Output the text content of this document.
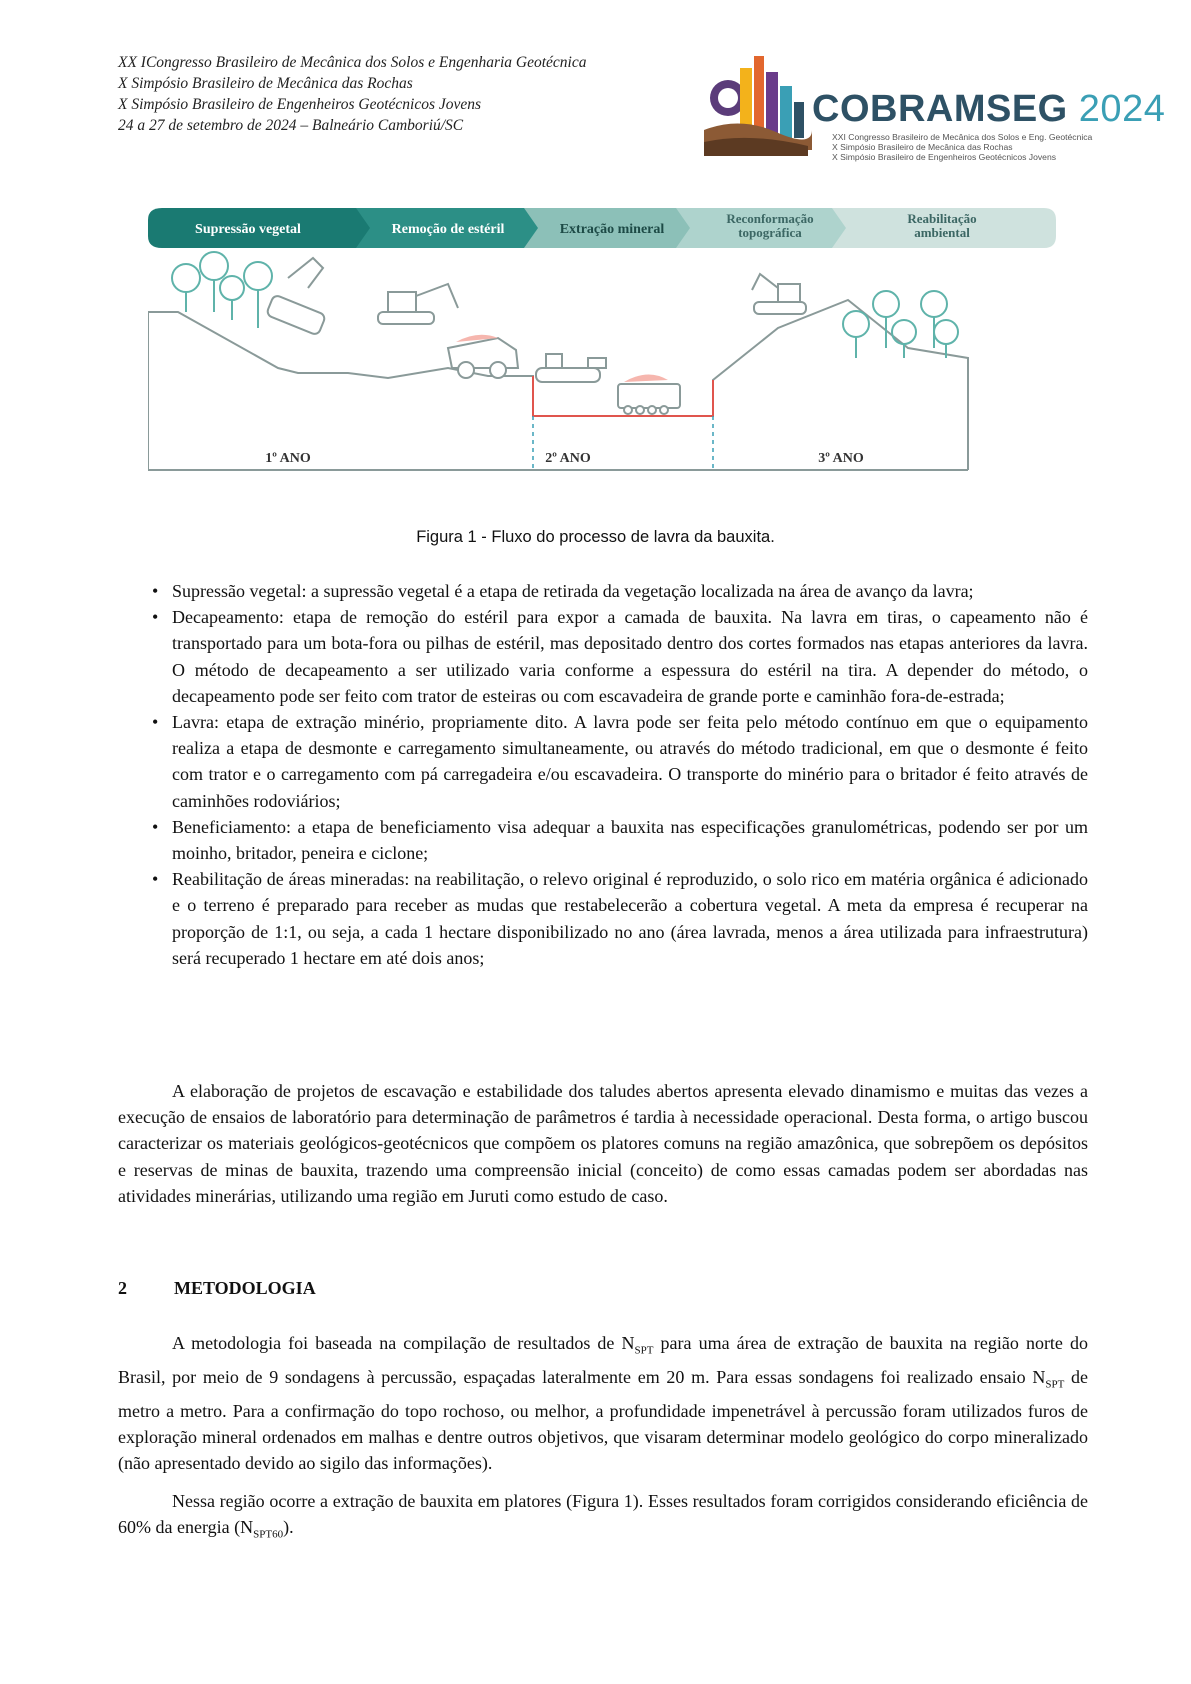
XX ICongresso Brasileiro de Mecânica dos Solos e Engenharia Geotécnica
X Simpósio Brasileiro de Mecânica das Rochas
X Simpósio Brasileiro de Engenheiros Geotécnicos Jovens
24 a 27 de setembro de 2024 – Balneário Camboriú/SC	COBRAMSEG 2024
XXI Congresso Brasileiro de Mecânica dos Solos e Eng. Geotécnica
X Simpósio Brasileiro de Mecânica das Rochas
X Simpósio Brasileiro de Engenheiros Geotécnicos Jovens
Supressão vegetal	Remoção de estéril	Extração mineral
Reconformação
topográfica
Reabilitação
ambiental
1º ANO	2º ANO	3º ANO
Figura 1 - Fluxo do processo de lavra da bauxita.
• Supressão vegetal: a supressão vegetal é a etapa de retirada da vegetação localizada na área de avanço da lavra;
• Decapeamento: etapa de remoção do estéril para expor a camada de bauxita. Na lavra em tiras, o capeamento não é transportado para um bota-fora ou pilhas de estéril, mas depositado dentro dos cortes formados nas etapas anteriores da lavra. O método de decapeamento a ser utilizado varia conforme a espessura do estéril na tira. A depender do método, o decapeamento pode ser feito com trator de esteiras ou com escavadeira de grande porte e caminhão fora-de-estrada;
• Lavra: etapa de extração minério, propriamente dito. A lavra pode ser feita pelo método contínuo em que o equipamento realiza a etapa de desmonte e carregamento simultaneamente, ou através do método tradicional, em que o desmonte é feito com trator e o carregamento com pá carregadeira e/ou escavadeira. O transporte do minério para o britador é feito através de caminhões rodoviários;
• Beneficiamento: a etapa de beneficiamento visa adequar a bauxita nas especificações granulométricas, podendo ser por um moinho, britador, peneira e ciclone;
• Reabilitação de áreas mineradas: na reabilitação, o relevo original é reproduzido, o solo rico em matéria orgânica é adicionado e o terreno é preparado para receber as mudas que restabelecerão a cobertura vegetal. A meta da empresa é recuperar na proporção de 1:1, ou seja, a cada 1 hectare disponibilizado no ano (área lavrada, menos a área utilizada para infraestrutura) será recuperado 1 hectare em até dois anos;

A elaboração de projetos de escavação e estabilidade dos taludes abertos apresenta elevado dinamismo e muitas das vezes a execução de ensaios de laboratório para determinação de parâmetros é tardia à necessidade operacional. Desta forma, o artigo buscou caracterizar os materiais geológicos-geotécnicos que compõem os platores comuns na região amazônica, que sobrepõem os depósitos e reservas de minas de bauxita, trazendo uma compreensão inicial (conceito) de como essas camadas podem ser abordadas nas atividades minerárias, utilizando uma região em Juruti como estudo de caso.

2	METODOLOGIA

A metodologia foi baseada na compilação de resultados de $N_{SPT}$ para uma área de extração de bauxita na região norte do Brasil, por meio de 9 sondagens à percussão, espaçadas lateralmente em 20 m. Para essas sondagens foi realizado ensaio $N_{SPT}$ de metro a metro. Para a confirmação do topo rochoso, ou melhor, a profundidade impenetrável à percussão foram utilizados furos de exploração mineral ordenados em malhas e dentre outros objetivos, que visaram determinar modelo geológico do corpo mineralizado (não apresentado devido ao sigilo das informações).

Nessa região ocorre a extração de bauxita em platores (Figura 1). Esses resultados foram corrigidos considerando eficiência de 60% da energia $(N_{SPT60})$.
